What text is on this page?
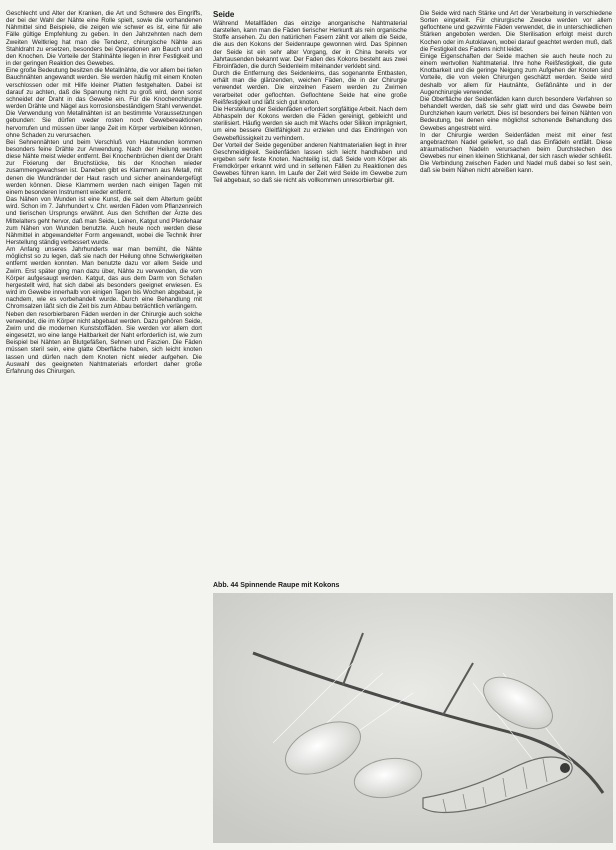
Geschlecht und Alter der Kranken, die Art und Schwere des Eingriffs, der bei der Wahl der Nähte eine Rolle spielt, sowie die vorhandenen Nähmittel sind Beispiele, die zeigen wie schwer es ist, eine für alle Fälle gültige Empfehlung zu geben. In den Jahrzehnten nach dem Zweiten Weltkrieg hat man die Tendenz, chirurgische Nähte aus Stahldraht zu ersetzen, besonders bei Operationen am Bauch und an den Knochen. Die Vorteile der Stahlnähte liegen in ihrer Festigkeit und in der geringen Reaktion des Gewebes.

Eine große Bedeutung besitzen die Metallnähte, die vor allem bei tiefen Bauchnähten angewandt werden. Sie werden häufig mit einem Knoten verschlossen oder mit Hilfe kleiner Platten festgehalten. Dabei ist darauf zu achten, daß die Spannung nicht zu groß wird, denn sonst schneidet der Draht in das Gewebe ein. Für die Knochenchirurgie werden Drähte und Nägel aus korrosionsbeständigem Stahl verwendet. Die Verwendung von Metallnähten ist an bestimmte Voraussetzungen gebunden: Sie dürfen weder rosten noch Gewebereaktionen hervorrufen und müssen über lange Zeit im Körper verbleiben können, ohne Schaden zu verursachen.

Bei Sehnennähten und beim Verschluß von Hautwunden kommen besonders feine Drähte zur Anwendung. Nach der Heilung werden diese Nähte meist wieder entfernt. Bei Knochenbrüchen dient der Draht zur Fixierung der Bruchstücke, bis der Knochen wieder zusammengewachsen ist. Daneben gibt es Klammern aus Metall, mit denen die Wundränder der Haut rasch und sicher aneinandergefügt werden können. Diese Klammern werden nach einigen Tagen mit einem besonderen Instrument wieder entfernt.

Das Nähen von Wunden ist eine Kunst, die seit dem Altertum geübt wird. Schon im 7. Jahrhundert v. Chr. werden Fäden vom Pflanzenreich und tierischen Ursprungs erwähnt. Aus den Schriften der Ärzte des Mittelalters geht hervor, daß man Seide, Leinen, Katgut und Pferdehaar zum Nähen von Wunden benutzte. Auch heute noch werden diese Nähmittel in abgewandelter Form angewandt, wobei die Technik ihrer Herstellung ständig verbessert wurde.

Am Anfang unseres Jahrhunderts war man bemüht, die Nähte möglichst so zu legen, daß sie nach der Heilung ohne Schwierigkeiten entfernt werden konnten. Man benutzte dazu vor allem Seide und Zwirn. Erst später ging man dazu über, Nähte zu verwenden, die vom Körper aufgesaugt werden. Katgut, das aus dem Darm von Schafen hergestellt wird, hat sich dabei als besonders geeignet erwiesen. Es wird im Gewebe innerhalb von einigen Tagen bis Wochen abgebaut, je nachdem, wie es vorbehandelt wurde. Durch eine Behandlung mit Chromsalzen läßt sich die Zeit bis zum Abbau beträchtlich verlängern.

Neben den resorbierbaren Fäden werden in der Chirurgie auch solche verwendet, die im Körper nicht abgebaut werden. Dazu gehören Seide, Zwirn und die modernen Kunststoffäden. Sie werden vor allem dort eingesetzt, wo eine lange Haltbarkeit der Naht erforderlich ist, wie zum Beispiel bei Nähten an Blutgefäßen, Sehnen und Faszien. Die Fäden müssen steril sein, eine glatte Oberfläche haben, sich leicht knoten lassen und dürfen nach dem Knoten nicht wieder aufgehen. Die Auswahl des geeigneten Nahtmaterials erfordert daher große Erfahrung des Chirurgen.

Seide

Während Metallfäden das einzige anorganische Nahtmaterial darstellen, kann man die Fäden tierischer Herkunft als rein organische Stoffe ansehen. Zu den natürlichen Fasern zählt vor allem die Seide, die aus den Kokons der Seidenraupe gewonnen wird. Das Spinnen der Seide ist ein sehr alter Vorgang, der in China bereits vor Jahrtausenden bekannt war. Der Faden des Kokons besteht aus zwei Fibroinfäden, die durch Seidenleim miteinander verklebt sind.

Durch die Entfernung des Seidenleims, das sogenannte Entbasten, erhält man die glänzenden, weichen Fäden, die in der Chirurgie verwendet werden. Die einzelnen Fasern werden zu Zwirnen verarbeitet oder geflochten. Geflochtene Seide hat eine große Reißfestigkeit und läßt sich gut knoten.

Die Herstellung der Seidenfäden erfordert sorgfältige Arbeit. Nach dem Abhaspeln der Kokons werden die Fäden gereinigt, gebleicht und sterilisiert. Häufig werden sie auch mit Wachs oder Silikon imprägniert, um eine bessere Gleitfähigkeit zu erzielen und das Eindringen von Gewebeflüssigkeit zu verhindern.

Der Vorteil der Seide gegenüber anderen Nahtmaterialien liegt in ihrer Geschmeidigkeit. Seidenfäden lassen sich leicht handhaben und ergeben sehr feste Knoten. Nachteilig ist, daß Seide vom Körper als Fremdkörper erkannt wird und in seltenen Fällen zu Reaktionen des Gewebes führen kann. Im Laufe der Zeit wird Seide im Gewebe zum Teil abgebaut, so daß sie nicht als vollkommen unresorbierbar gilt.

Die Seide wird nach Stärke und Art der Verarbeitung in verschiedene Sorten eingeteilt. Für chirurgische Zwecke werden vor allem geflochtene und gezwirnte Fäden verwendet, die in unterschiedlichen Stärken angeboten werden. Die Sterilisation erfolgt meist durch Kochen oder im Autoklaven, wobei darauf geachtet werden muß, daß die Festigkeit des Fadens nicht leidet.

Einige Eigenschaften der Seide machen sie auch heute noch zu einem wertvollen Nahtmaterial. Ihre hohe Reißfestigkeit, die gute Knotbarkeit und die geringe Neigung zum Aufgehen der Knoten sind Vorteile, die von vielen Chirurgen geschätzt werden. Seide wird deshalb vor allem für Hautnähte, Gefäßnähte und in der Augenchirurgie verwendet.

Die Oberfläche der Seidenfäden kann durch besondere Verfahren so behandelt werden, daß sie sehr glatt wird und das Gewebe beim Durchziehen kaum verletzt. Dies ist besonders bei feinen Nähten von Bedeutung, bei denen eine möglichst schonende Behandlung des Gewebes angestrebt wird.

In der Chirurgie werden Seidenfäden meist mit einer fest angebrachten Nadel geliefert, so daß das Einfädeln entfällt. Diese atraumatischen Nadeln verursachen beim Durchstechen des Gewebes nur einen kleinen Stichkanal, der sich rasch wieder schließt. Die Verbindung zwischen Faden und Nadel muß dabei so fest sein, daß sie beim Nähen nicht abreißen kann.

Abb. 44 Spinnende Raupe mit Kokons
